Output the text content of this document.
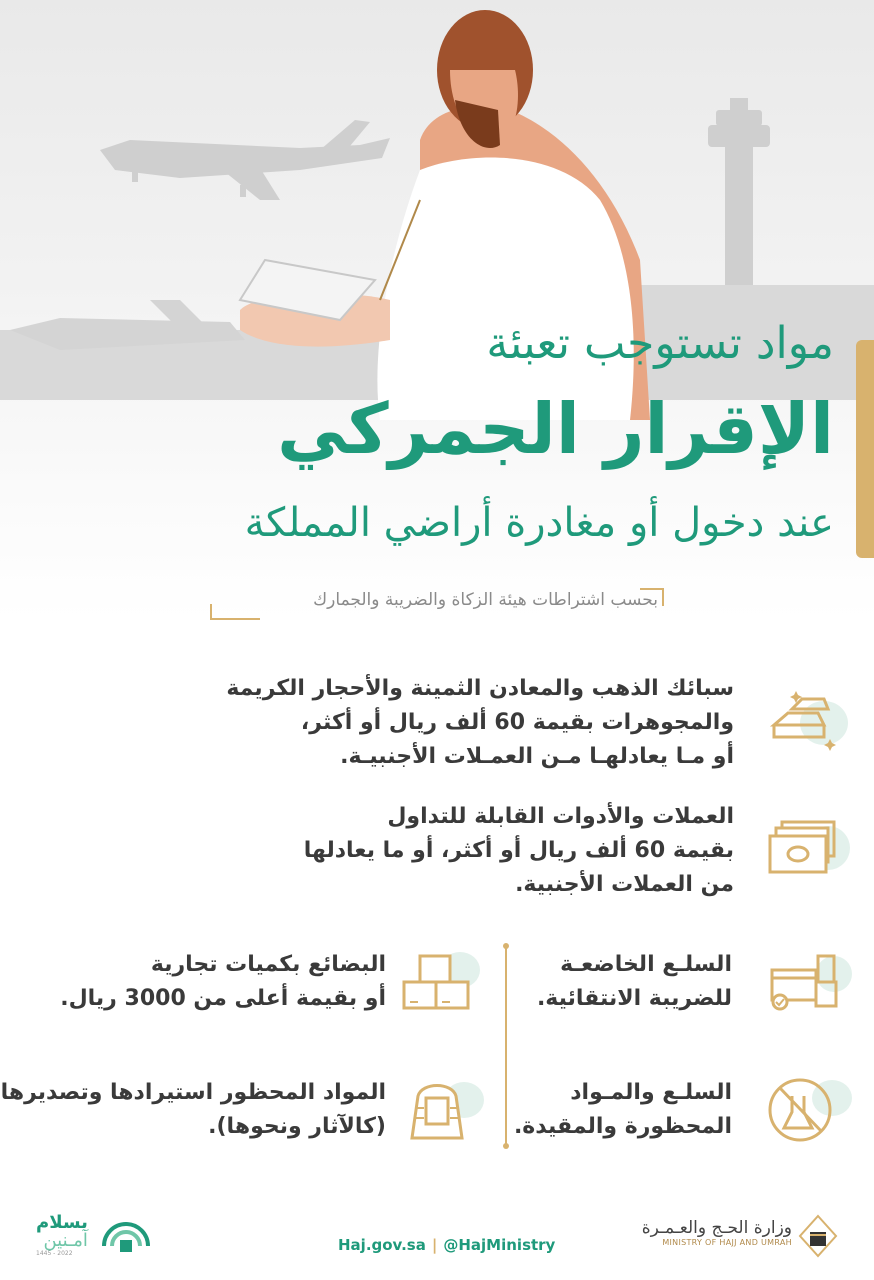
مواد تستوجب تعبئة
الإقرار الجمركي
عند دخول أو مغادرة أراضي المملكة
بحسب اشتراطات هيئة الزكاة والضريبة والجمارك
سبائك الذهب والمعادن الثمينة والأحجار الكريمة
والمجوهرات بقيمة 60 ألف ريال أو أكثر،
أو مـا يعادلهـا مـن العمـلات الأجنبيـة.
العملات والأدوات القابلة للتداول
بقيمة 60 ألف ريال أو أكثر، أو ما يعادلها
من العملات الأجنبية.
السلـع الخاضعـة
للضريبة الانتقائية.
البضائع بكميات تجارية
أو بقيمة أعلى من 3000 ريال.
السلـع والمـواد
المحظورة والمقيدة.
المواد المحظور استيرادها وتصديرها
(كالآثار ونحوها).
بسلام
آمـنين
1445 - 2022	Haj.gov.sa | @HajMinistry
وزارة الحـج والعـمـرة
MINISTRY OF HAJJ AND UMRAH
